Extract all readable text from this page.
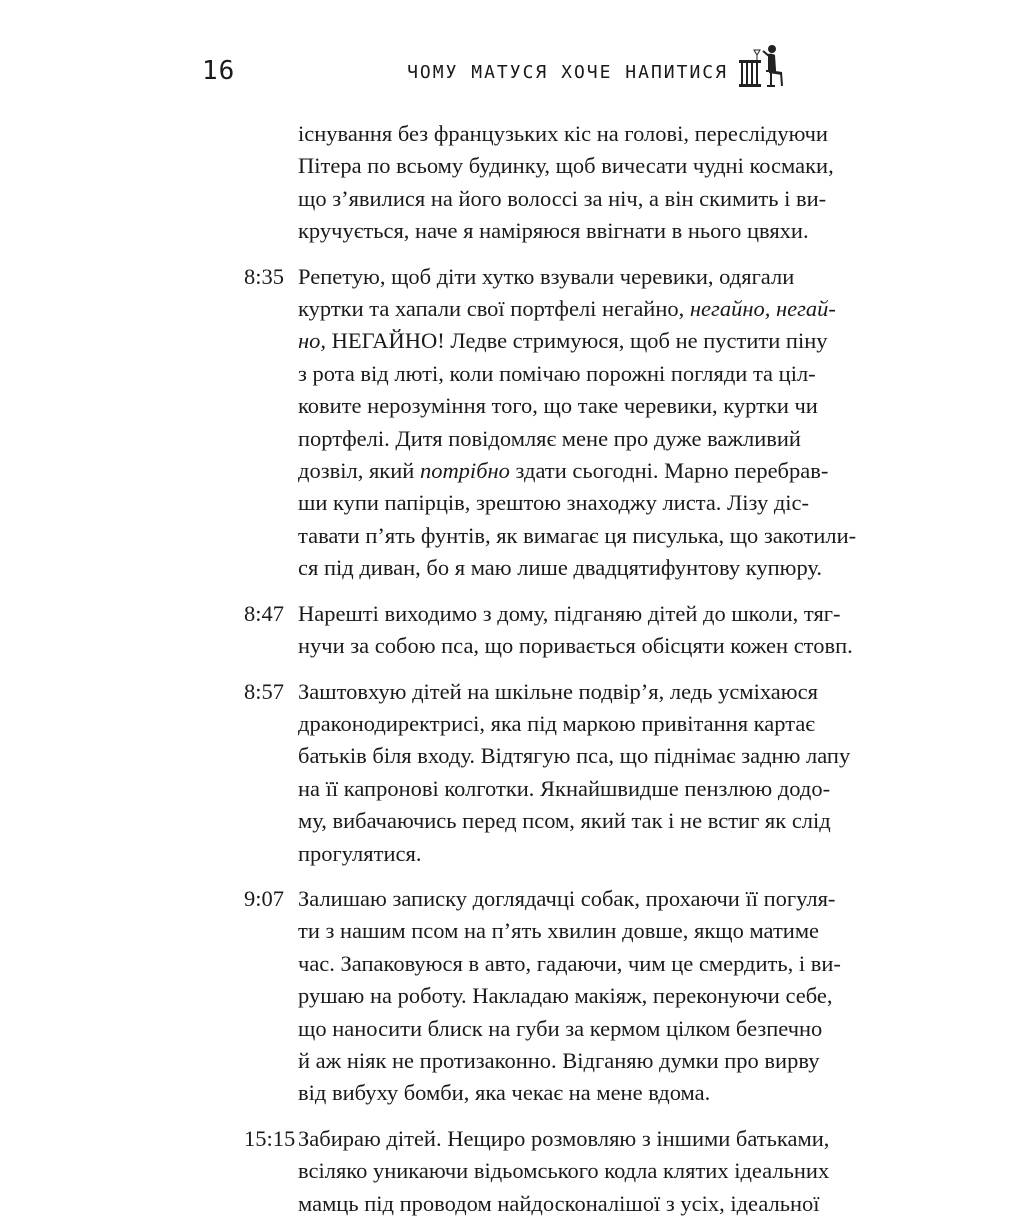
16	ЧОМУ МАТУСЯ ХОЧЕ НАПИТИСЯ
існування без французьких кіс на голові, переслідуючи
Пітера по всьому будинку, щоб вичесати чудні космаки,
що з’явилися на його волоссі за ніч, а він скимить і ви-
кручується, наче я наміряюся ввігнати в нього цвяхи.
8:35 Репетую, щоб діти хутко взували черевики, одягали
куртки та хапали свої портфелі негайно, негайно, негай-
но, НЕГАЙНО! Ледве стримуюся, щоб не пустити піну
з рота від люті, коли помічаю порожні погляди та ціл-
ковите нерозуміння того, що таке черевики, куртки чи
портфелі. Дитя повідомляє мене про дуже важливий
дозвіл, який потрібно здати сьогодні. Марно перебрав-
ши купи папірців, зрештою знаходжу листа. Лізу діс-
тавати п’ять фунтів, як вимагає ця писулька, що закотили-
ся під диван, бо я маю лише двадцятифунтову купюру.
8:47 Нарешті виходимо з дому, підганяю дітей до школи, тяг-
нучи за собою пса, що поривається обісцяти кожен стовп.
8:57 Заштовхую дітей на шкільне подвір’я, ледь усміхаюся
драконодиректрисі, яка під маркою привітання картає
батьків біля входу. Відтягую пса, що піднімає задню лапу
на її капронові колготки. Якнайшвидше пензлюю додо-
му, вибачаючись перед псом, який так і не встиг як слід
прогулятися.
9:07 Залишаю записку доглядачці собак, прохаючи її погуля-
ти з нашим псом на п’ять хвилин довше, якщо матиме
час. Запаковуюся в авто, гадаючи, чим це смердить, і ви-
рушаю на роботу. Накладаю макіяж, переконуючи себе,
що наносити блиск на губи за кермом цілком безпечно
й аж ніяк не протизаконно. Відганяю думки про вирву
від вибуху бомби, яка чекає на мене вдома.
15:15 Забираю дітей. Нещиро розмовляю з іншими батьками,
всіляко уникаючи відьомського кодла клятих ідеальних
мамць під проводом найдосконалішої з усіх, ідеальної
